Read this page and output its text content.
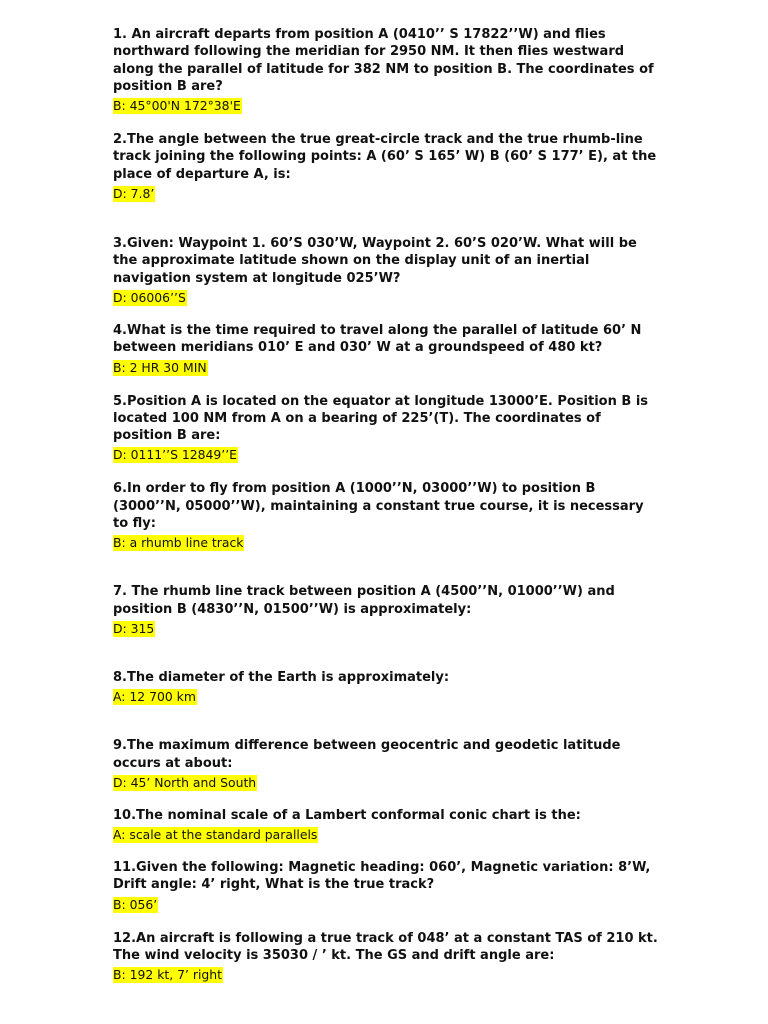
1. An aircraft departs from position A (0410’’ S 17822’’W) and flies northward following the meridian for 2950 NM. It then flies westward along the parallel of latitude for 382 NM to position B. The coordinates of position B are?

B: 45°00'N 172°38'E

2.The angle between the true great-circle track and the true rhumb-line track joining the following points: A (60’ S 165’ W) B (60’ S 177’ E), at the place of departure A, is:

D: 7.8’

3.Given: Waypoint 1. 60’S 030’W, Waypoint 2. 60’S 020’W. What will be the approximate latitude shown on the display unit of an inertial navigation system at longitude 025’W?

D: 06006’’S

4.What is the time required to travel along the parallel of latitude 60’ N between meridians 010’ E and 030’ W at a groundspeed of 480 kt?

B: 2 HR 30 MIN

5.Position A is located on the equator at longitude 13000’E. Position B is located 100 NM from A on a bearing of 225’(T). The coordinates of position B are:

D: 0111’’S 12849’’E

6.In order to fly from position A (1000’’N, 03000’’W) to position B (3000’’N, 05000’’W), maintaining a constant true course, it is necessary to fly:

B: a rhumb line track

7. The rhumb line track between position A (4500’’N, 01000’’W) and position B (4830’’N, 01500’’W) is approximately:

D: 315

8.The diameter of the Earth is approximately:

A: 12 700 km

9.The maximum difference between geocentric and geodetic latitude occurs at about:

D: 45’ North and South

10.The nominal scale of a Lambert conformal conic chart is the:

A: scale at the standard parallels

11.Given the following: Magnetic heading: 060’, Magnetic variation: 8’W, Drift angle: 4’ right, What is the true track?

B: 056’

12.An aircraft is following a true track of 048’ at a constant TAS of 210 kt. The wind velocity is 35030 / ’ kt. The GS and drift angle are:

B: 192 kt, 7’ right
